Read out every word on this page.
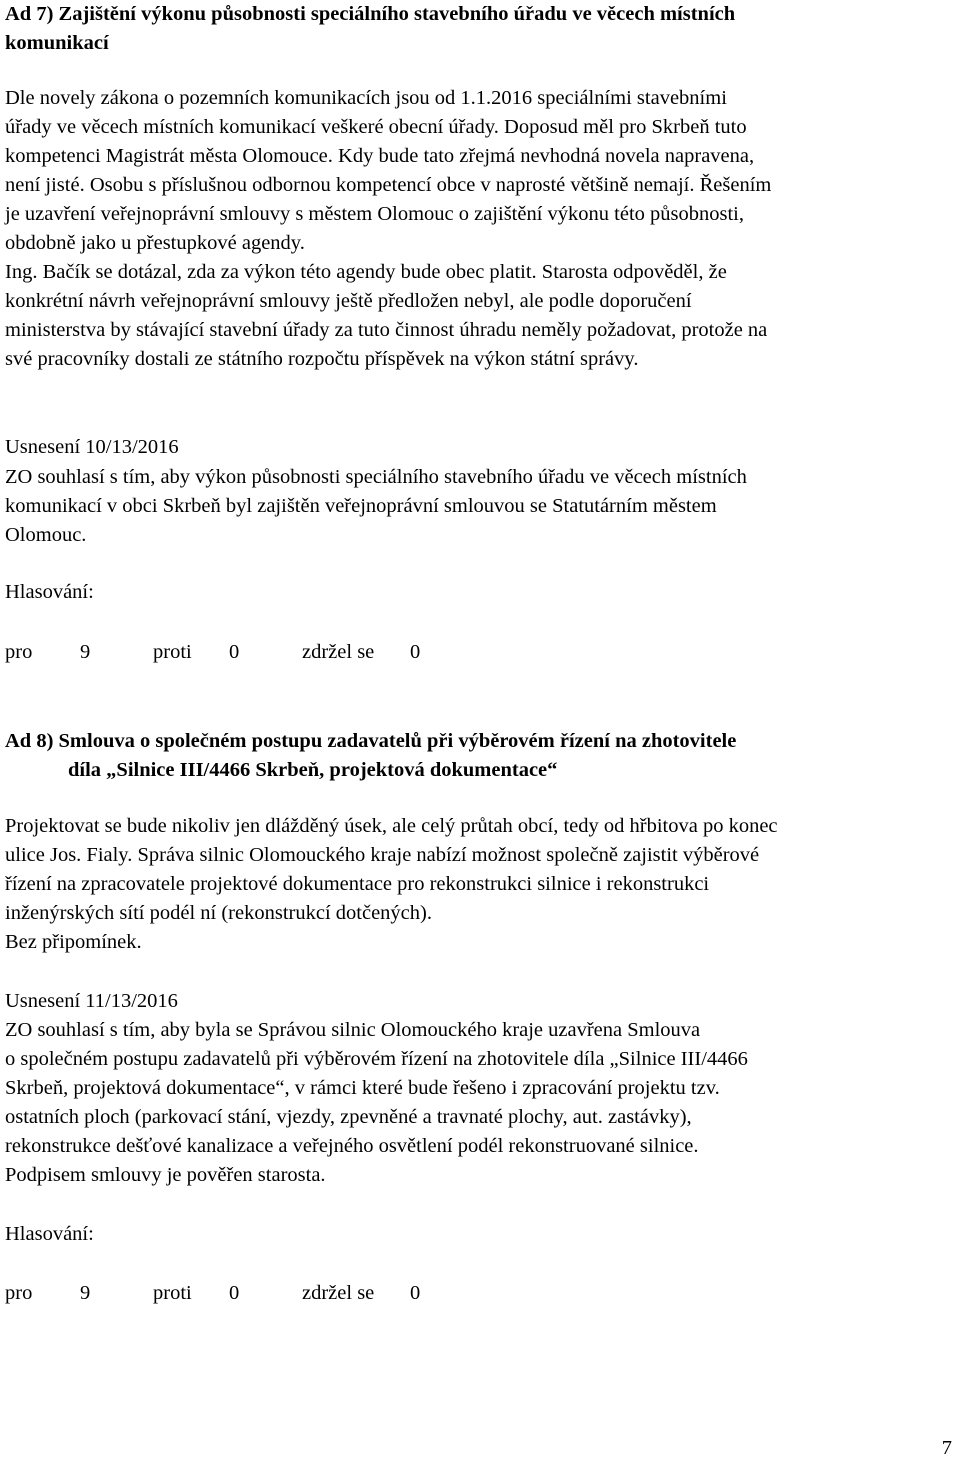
Ad 7) Zajištění výkonu působnosti speciálního stavebního úřadu ve věcech místních
komunikací
Dle novely zákona o pozemních komunikacích jsou od 1.1.2016 speciálními stavebními
úřady ve věcech místních komunikací veškeré obecní úřady. Doposud měl pro Skrbeň tuto
kompetenci Magistrát města Olomouce. Kdy bude tato zřejmá nevhodná novela napravena,
není jisté. Osobu s příslušnou odbornou kompetencí obce v naprosté většině nemají. Řešením
je uzavření veřejnoprávní smlouvy s městem Olomouc o zajištění výkonu této působnosti,
obdobně jako u přestupkové agendy.
Ing. Bačík se dotázal, zda za výkon této agendy bude obec platit. Starosta odpověděl, že
konkrétní návrh veřejnoprávní smlouvy ještě předložen nebyl, ale podle doporučení
ministerstva by stávající stavební úřady za tuto činnost úhradu neměly požadovat, protože na
své pracovníky dostali ze státního rozpočtu příspěvek na výkon státní správy.
Usnesení 10/13/2016
ZO souhlasí s tím, aby výkon působnosti speciálního stavebního úřadu ve věcech místních
komunikací v obci Skrbeň byl zajištěn veřejnoprávní smlouvou se Statutárním městem
Olomouc.
Hlasování:
pro 9	proti 0	zdržel se 0
Ad 8) Smlouva o společném postupu zadavatelů při výběrovém řízení na zhotovitele
díla „Silnice III/4466 Skrbeň, projektová dokumentace“
Projektovat se bude nikoliv jen dlážděný úsek, ale celý průtah obcí, tedy od hřbitova po konec
ulice Jos. Fialy. Správa silnic Olomouckého kraje nabízí možnost společně zajistit výběrové
řízení na zpracovatele projektové dokumentace pro rekonstrukci silnice i rekonstrukci
inženýrských sítí podél ní (rekonstrukcí dotčených).
Bez připomínek.
Usnesení 11/13/2016
ZO souhlasí s tím, aby byla se Správou silnic Olomouckého kraje uzavřena Smlouva
o společném postupu zadavatelů při výběrovém řízení na zhotovitele díla „Silnice III/4466
Skrbeň, projektová dokumentace“, v rámci které bude řešeno i zpracování projektu tzv.
ostatních ploch (parkovací stání, vjezdy, zpevněné a travnaté plochy, aut. zastávky),
rekonstrukce dešťové kanalizace a veřejného osvětlení podél rekonstruované silnice.
Podpisem smlouvy je pověřen starosta.
Hlasování:
pro 9	proti 0	zdržel se 0
7
